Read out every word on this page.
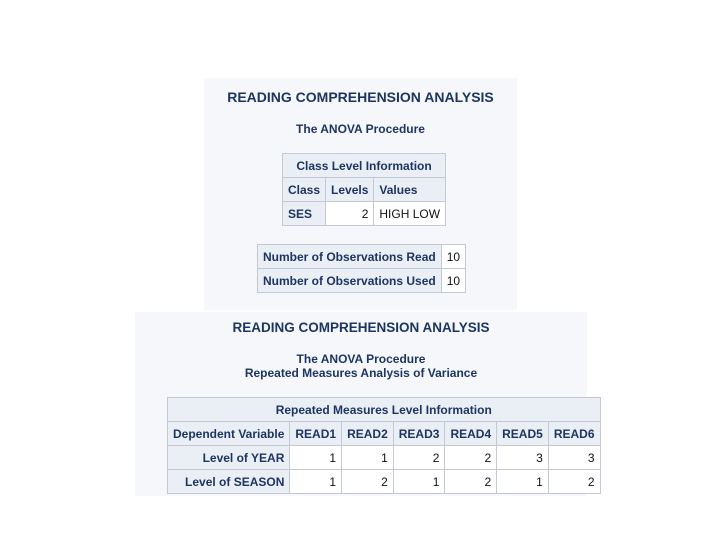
READING COMPREHENSION ANALYSIS
The ANOVA Procedure
Class Level Information		
Class	Levels	Values
SES	2	HIGH LOW
Number of Observations Read	10
Number of Observations Used	10
READING COMPREHENSION ANALYSIS
The ANOVA Procedure
Repeated Measures Analysis of Variance
Repeated Measures Level Information						
Dependent Variable	READ1	READ2	READ3	READ4	READ5	READ6
Level of YEAR	1	1	2	2	3	3
Level of SEASON	1	2	1	2	1	2
